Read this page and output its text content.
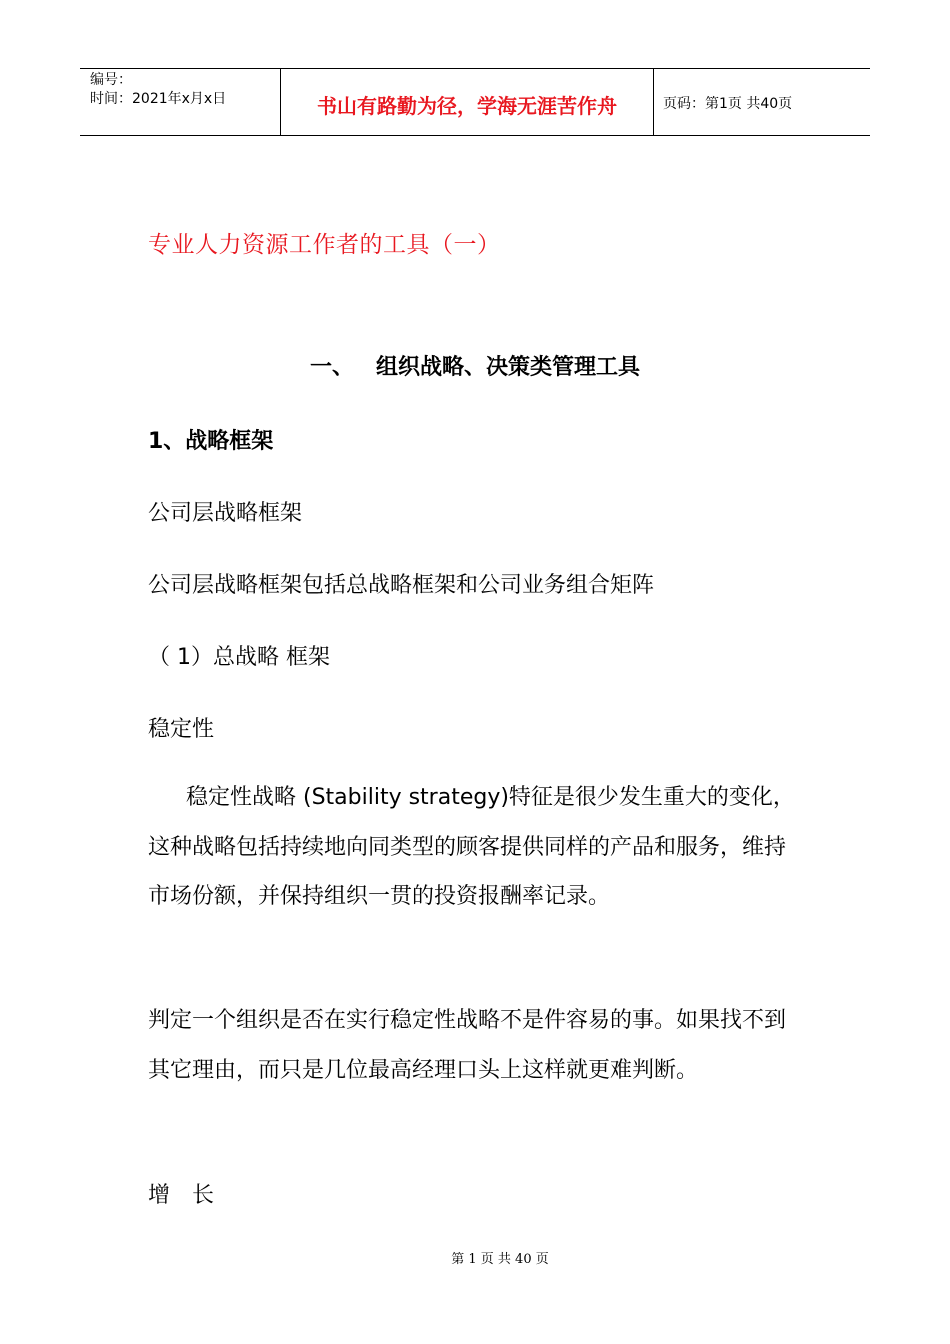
编号：
时间：2021年x月x日	书山有路勤为径，学海无涯苦作舟	页码：第1页 共40页
专业人力资源工作者的工具（一）
一、 组织战略、决策类管理工具
1、战略框架
公司层战略框架
公司层战略框架包括总战略框架和公司业务组合矩阵
（ 1）总战略 框架
稳定性

稳定性战略 (Stability strategy)特征是很少发生重大的变化，这种战略包括持续地向同类型的顾客提供同样的产品和服务，维持市场份额，并保持组织一贯的投资报酬率记录。

判定一个组织是否在实行稳定性战略不是件容易的事。如果找不到其它理由，而只是几位最高经理口头上这样就更难判断。

增　长
第 1 页 共 40 页
